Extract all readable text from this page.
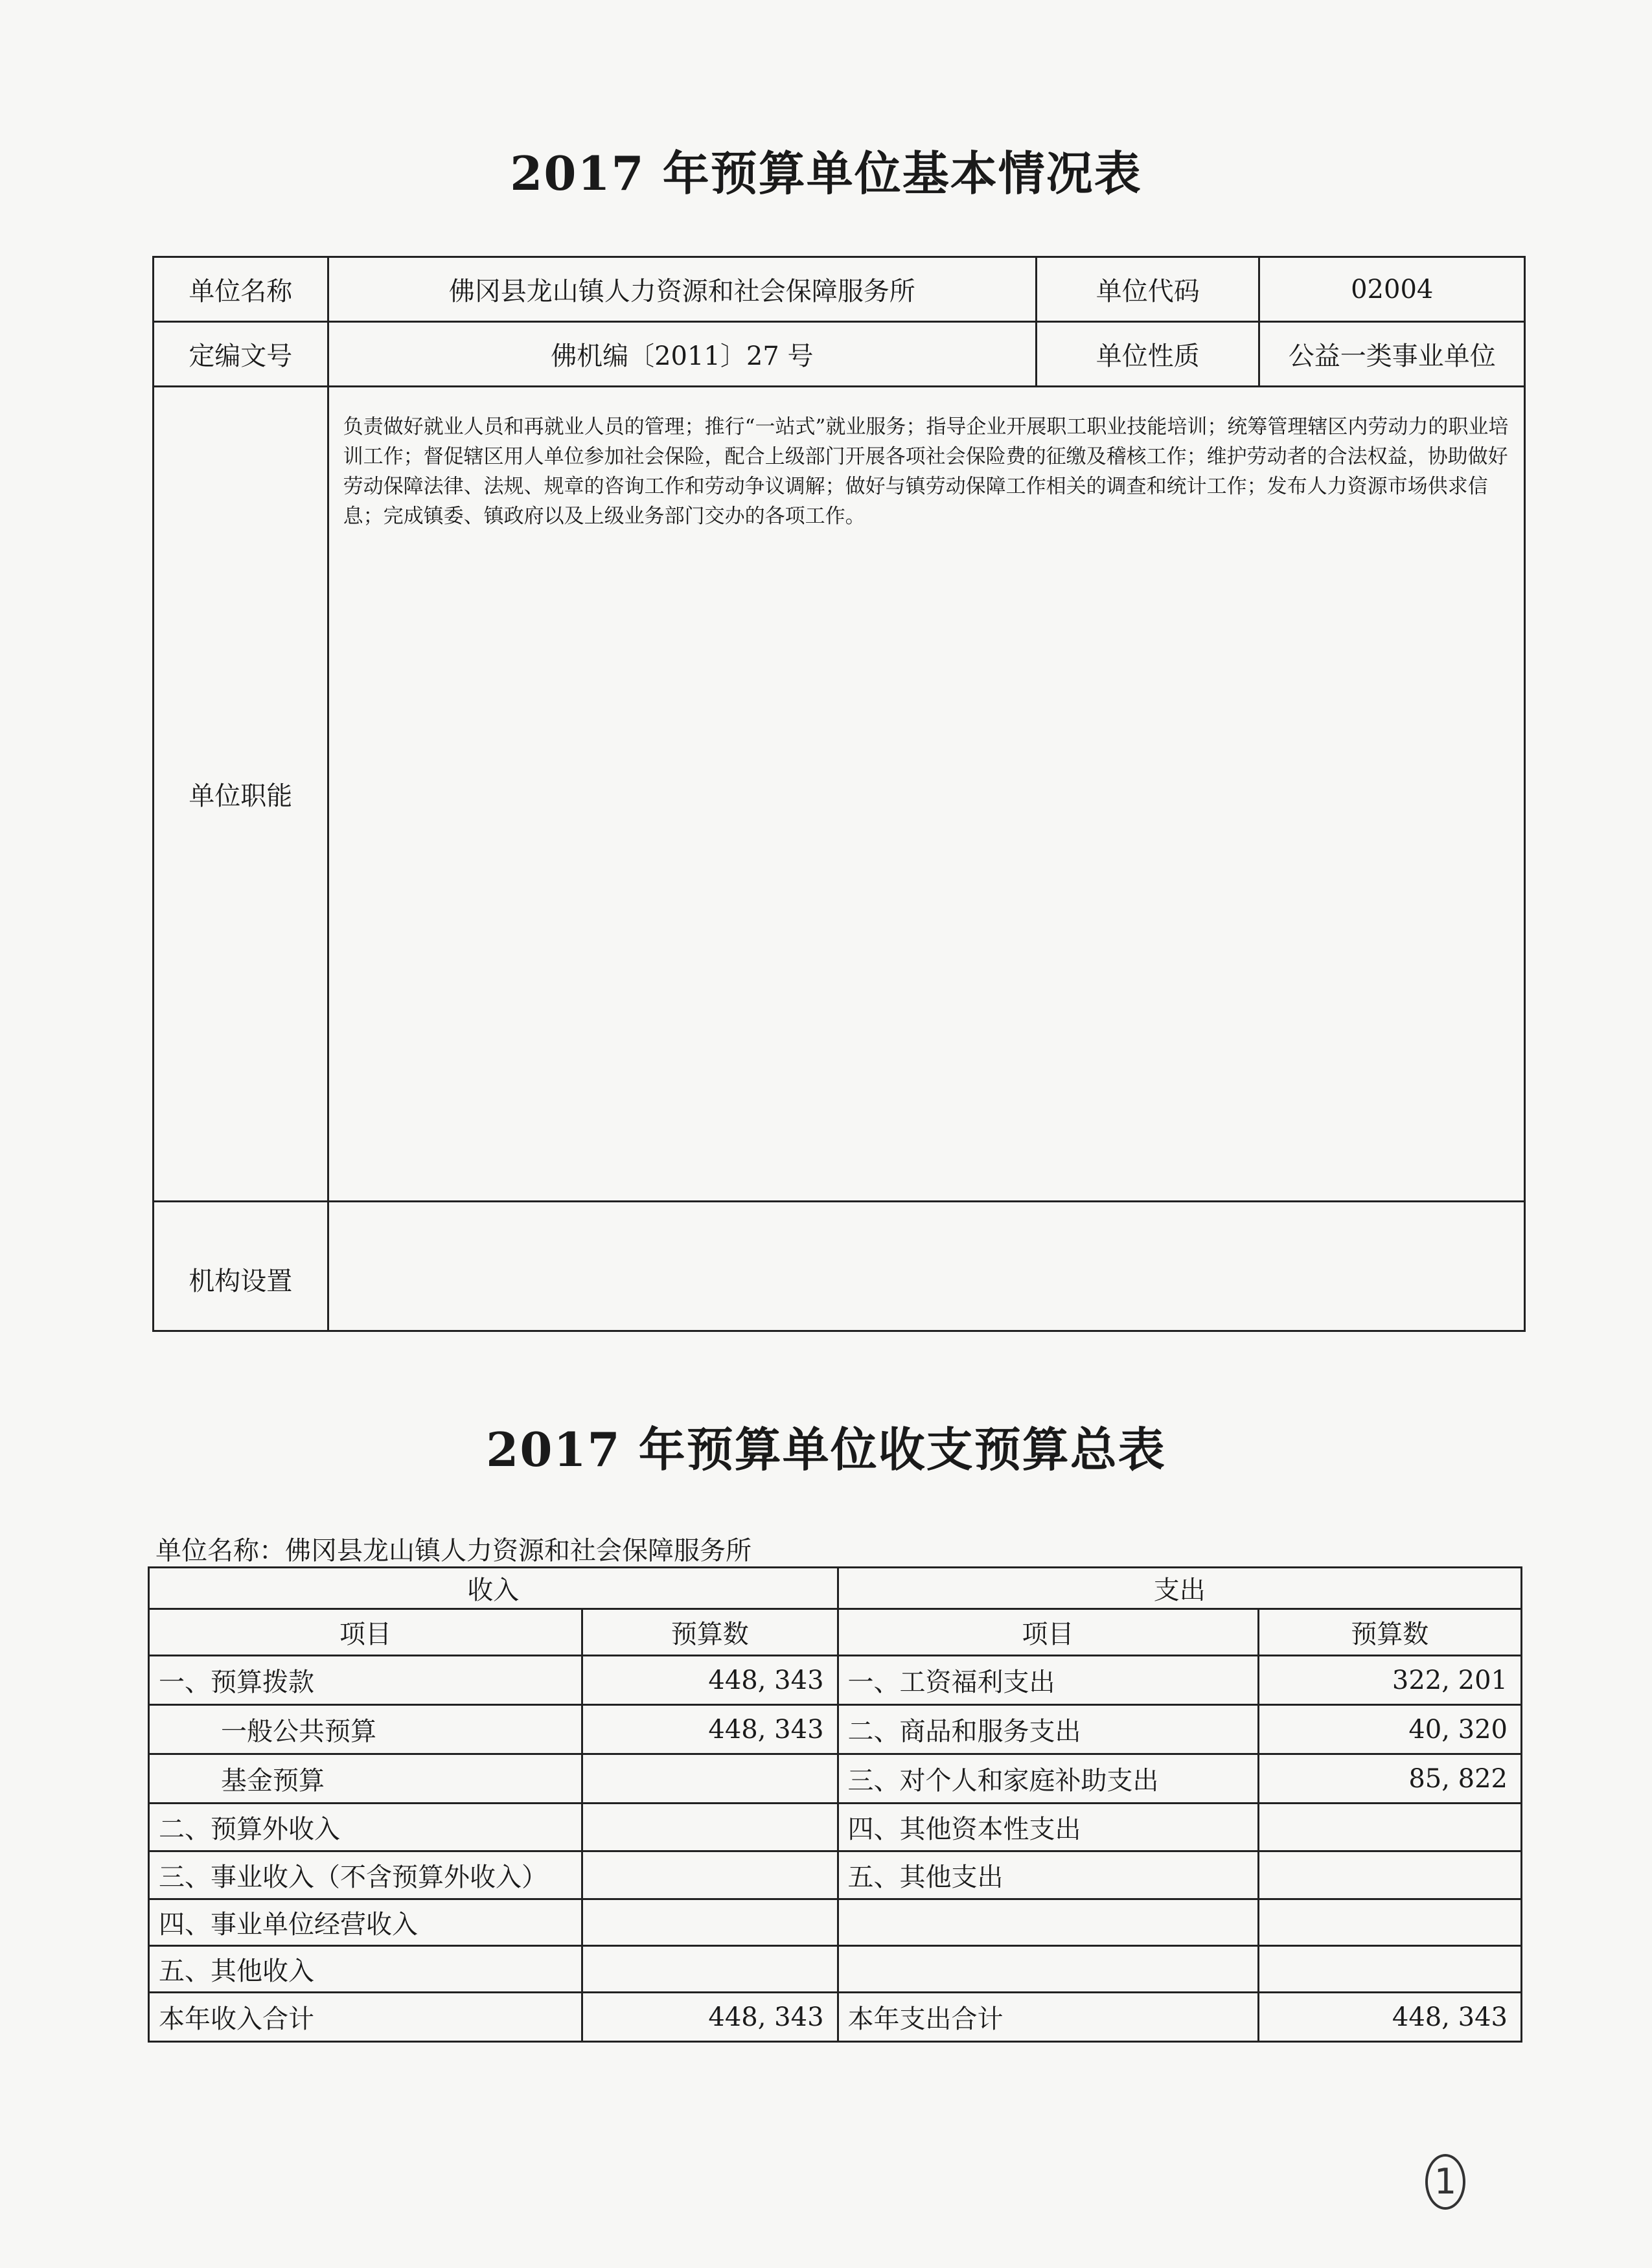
2017 年预算单位基本情况表
单位名称	佛冈县龙山镇人力资源和社会保障服务所	单位代码	02004
定编文号	佛机编〔2011〕27 号	单位性质	公益一类事业单位
单位职能	负责做好就业人员和再就业人员的管理；推行“一站式”就业服务；指导企业开展职工职业技能培训；统筹管理辖区内劳动力的职业培训工作；督促辖区用人单位参加社会保险，配合上级部门开展各项社会保险费的征缴及稽核工作；维护劳动者的合法权益，协助做好劳动保障法律、法规、规章的咨询工作和劳动争议调解；做好与镇劳动保障工作相关的调查和统计工作；发布人力资源市场供求信息；完成镇委、镇政府以及上级业务部门交办的各项工作。		
机构设置			
2017 年预算单位收支预算总表
单位名称：佛冈县龙山镇人力资源和社会保障服务所
收入		支出	
项目	预算数	项目	预算数
一、预算拨款	448, 343	一、工资福利支出	322, 201
一般公共预算	448, 343	二、商品和服务支出	40, 320
基金预算		三、对个人和家庭补助支出	85, 822
二、预算外收入		四、其他资本性支出	
三、事业收入（不含预算外收入）		五、其他支出	
四、事业单位经营收入			
五、其他收入			
本年收入合计	448, 343	本年支出合计	448, 343
1
